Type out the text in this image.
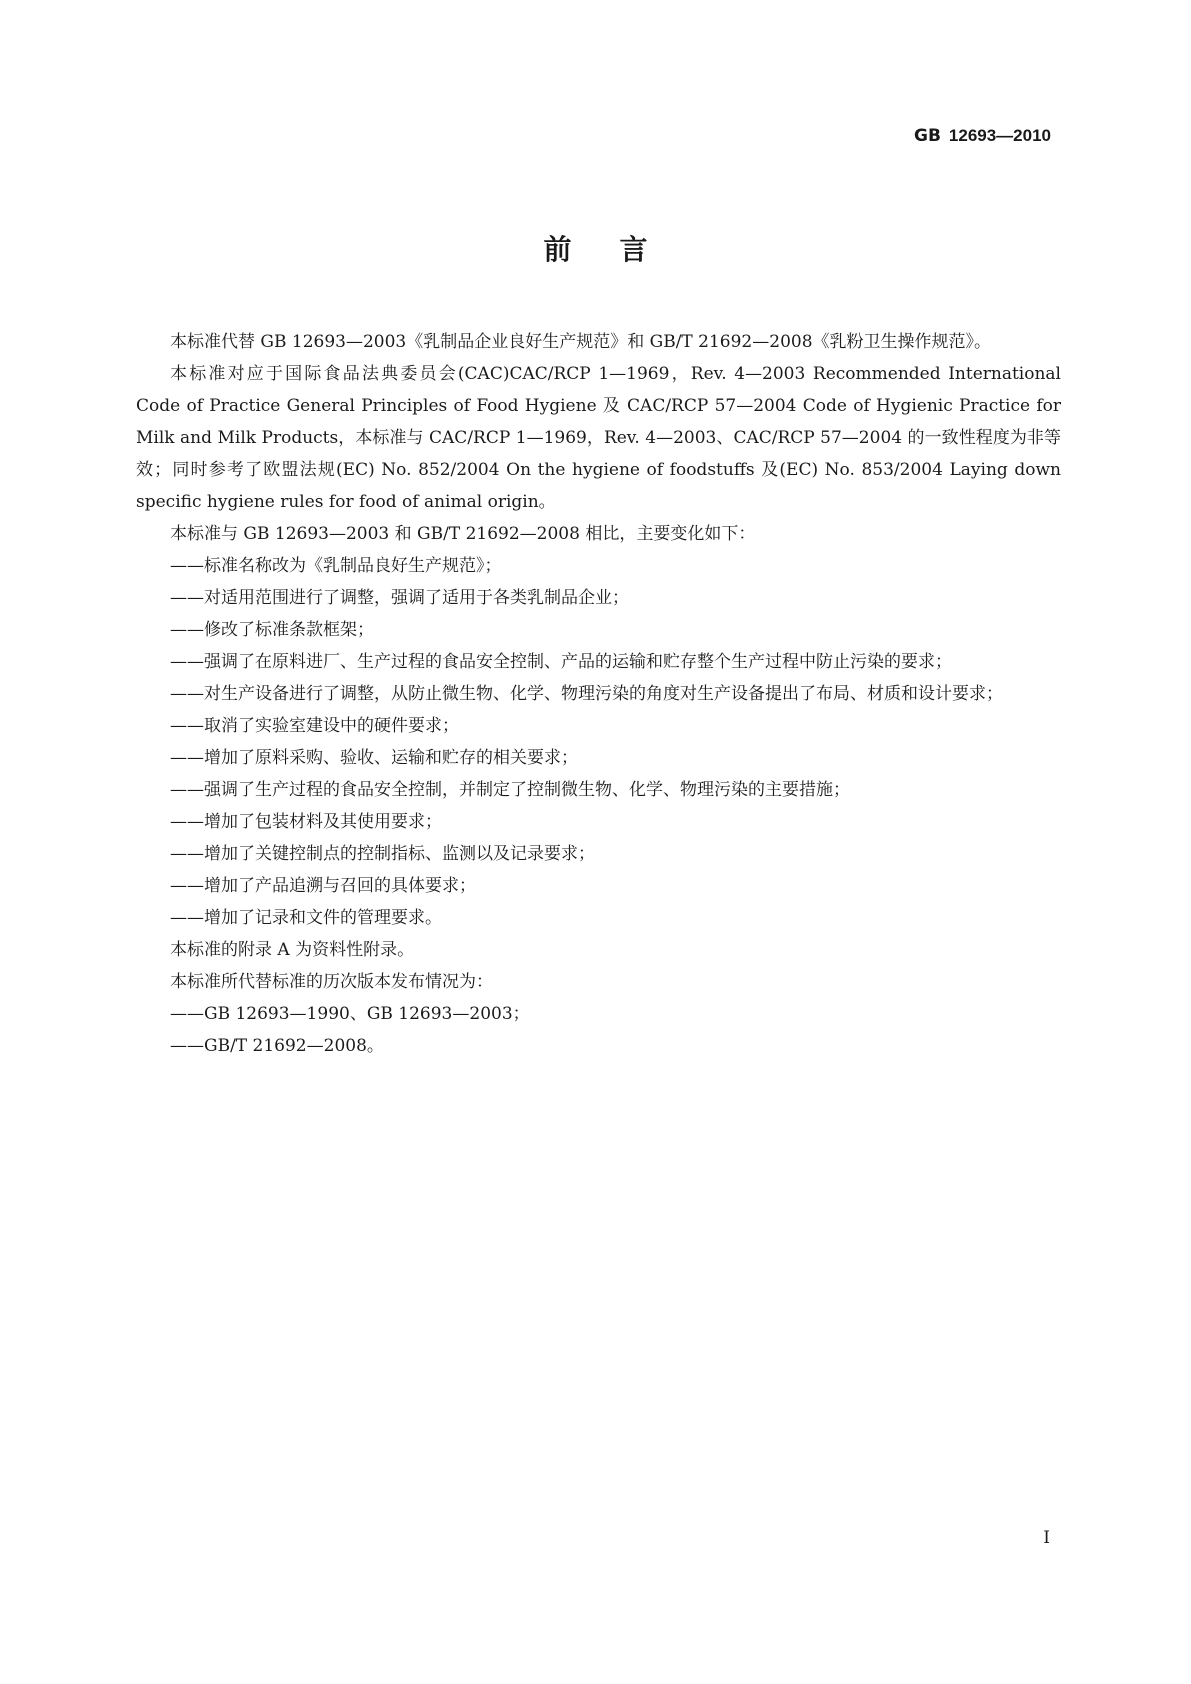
GB 12693—2010
前言

本标准代替 GB 12693—2003《乳制品企业良好生产规范》和 GB/T 21692—2008《乳粉卫生操作规范》。

本标准对应于国际食品法典委员会(CAC)CAC/RCP 1—1969，Rev. 4—2003 Recommended International Code of Practice General Principles of Food Hygiene 及 CAC/RCP 57—2004 Code of Hygienic Practice for Milk and Milk Products，本标准与 CAC/RCP 1—1969，Rev. 4—2003、CAC/RCP 57—2004 的一致性程度为非等效；同时参考了欧盟法规(EC) No. 852/2004 On the hygiene of foodstuffs 及(EC) No. 853/2004 Laying down specific hygiene rules for food of animal origin。

本标准与 GB 12693—2003 和 GB/T 21692—2008 相比，主要变化如下：

——标准名称改为《乳制品良好生产规范》；

——对适用范围进行了调整，强调了适用于各类乳制品企业；

——修改了标准条款框架；

——强调了在原料进厂、生产过程的食品安全控制、产品的运输和贮存整个生产过程中防止污染的要求；

——对生产设备进行了调整，从防止微生物、化学、物理污染的角度对生产设备提出了布局、材质和设计要求；

——取消了实验室建设中的硬件要求；

——增加了原料采购、验收、运输和贮存的相关要求；

——强调了生产过程的食品安全控制，并制定了控制微生物、化学、物理污染的主要措施；

——增加了包装材料及其使用要求；

——增加了关键控制点的控制指标、监测以及记录要求；

——增加了产品追溯与召回的具体要求；

——增加了记录和文件的管理要求。

本标准的附录 A 为资料性附录。

本标准所代替标准的历次版本发布情况为：

——GB 12693—1990、GB 12693—2003；

——GB/T 21692—2008。

I
